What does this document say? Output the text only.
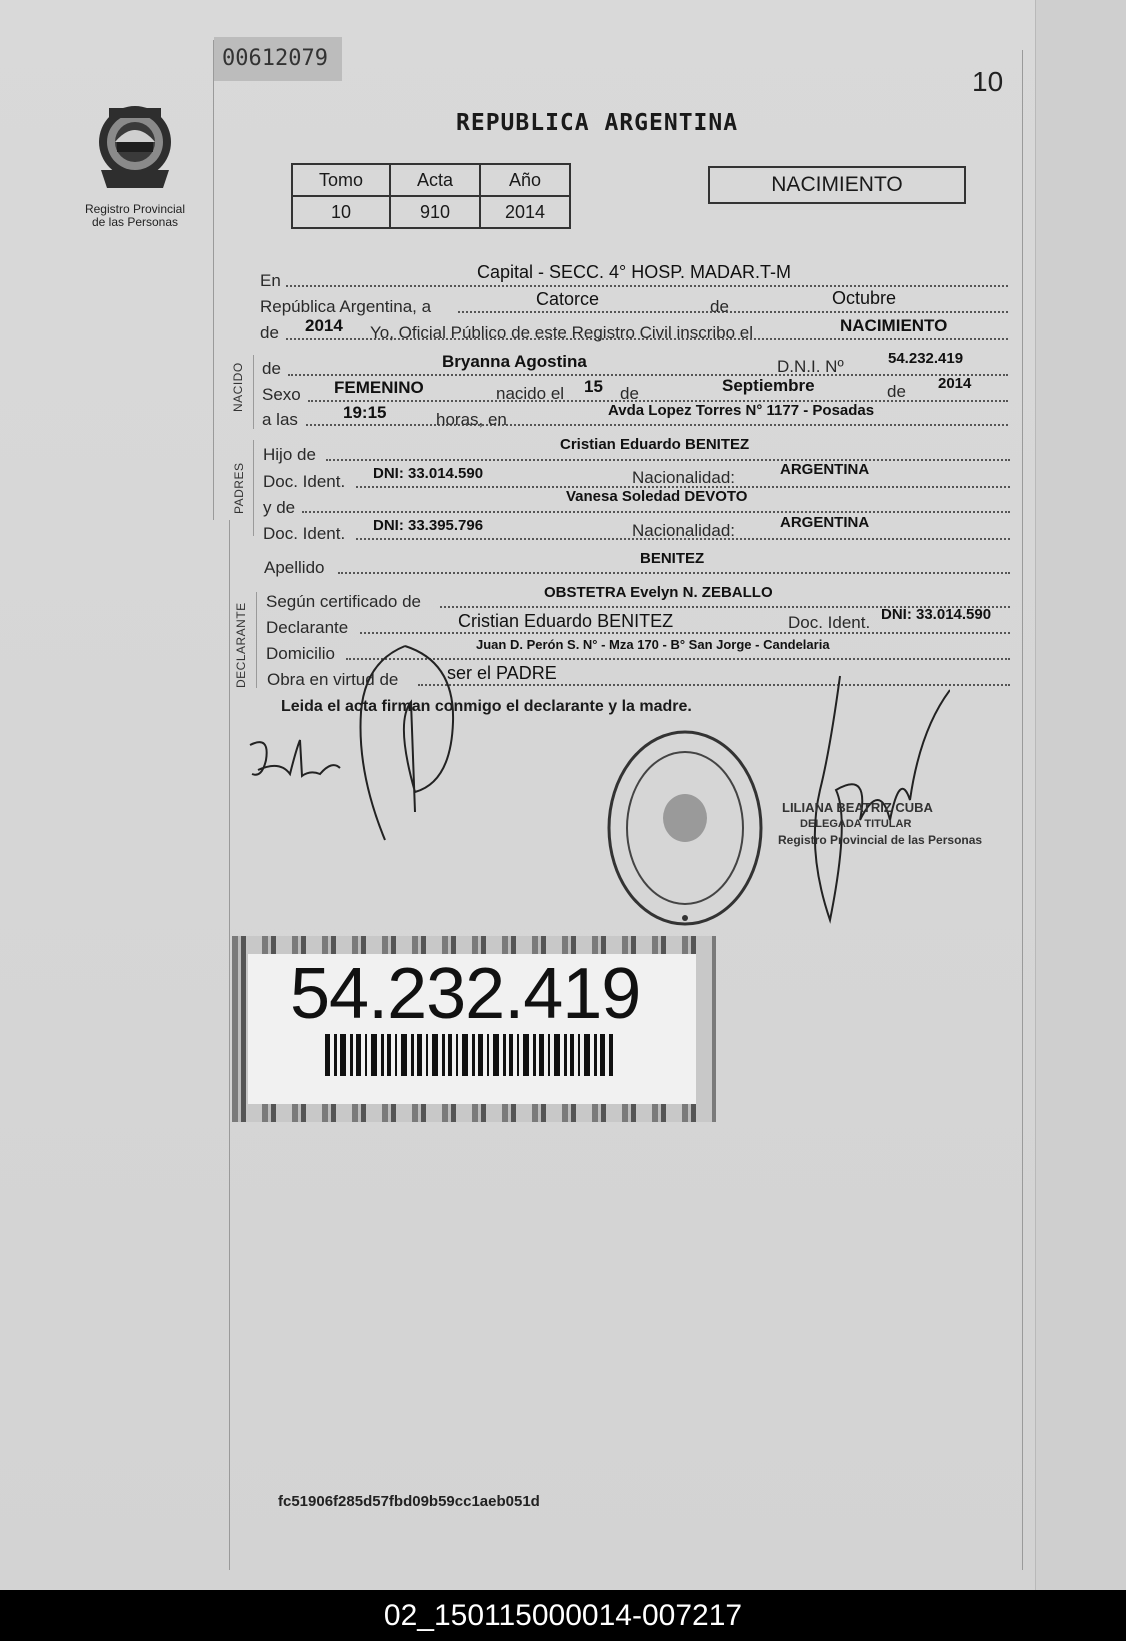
00612079
10
Registro Provincial
de las Personas
REPUBLICA ARGENTINA
Tomo	Acta	Año
10	910	2014
NACIMIENTO
En	Capital - SECC. 4° HOSP. MADAR.T-M
República Argentina, a	Catorce	de	Octubre
de 2014 Yo, Oficial Público de este Registro Civil inscribo el	NACIMIENTO
NACIDO de	Bryanna Agostina	D.N.I. Nº	54.232.419
Sexo FEMENINO	nacido el 15 de	Septiembre	de 2014
a las	19:15	horas, en	Avda Lopez Torres N° 1177 - Posadas
PADRES
Hijo de
Cristian Eduardo BENITEZ
Doc. Ident. DNI: 33.014.590	Nacionalidad:	ARGENTINA
y de
Vanesa Soledad DEVOTO
Doc. Ident. DNI: 33.395.796	Nacionalidad:	ARGENTINA
Apellido	BENITEZ
DECLARANTE
Según certificado de	OBSTETRA Evelyn N. ZEBALLO
Declarante	Cristian Eduardo BENITEZ	Doc. Ident. DNI: 33.014.590
Domicilio	Juan D. Perón S. N° - Mza 170 - B° San Jorge - Candelaria
Obra en virtud de	ser el PADRE
Leida el acta firman conmigo el declarante y la madre.
LILIANA BEATRIZ CUBA
DELEGADA TITULAR
Registro Provincial de las Personas
54.232.419
fc51906f285d57fbd09b59cc1aeb051d
02_150115000014-007217
